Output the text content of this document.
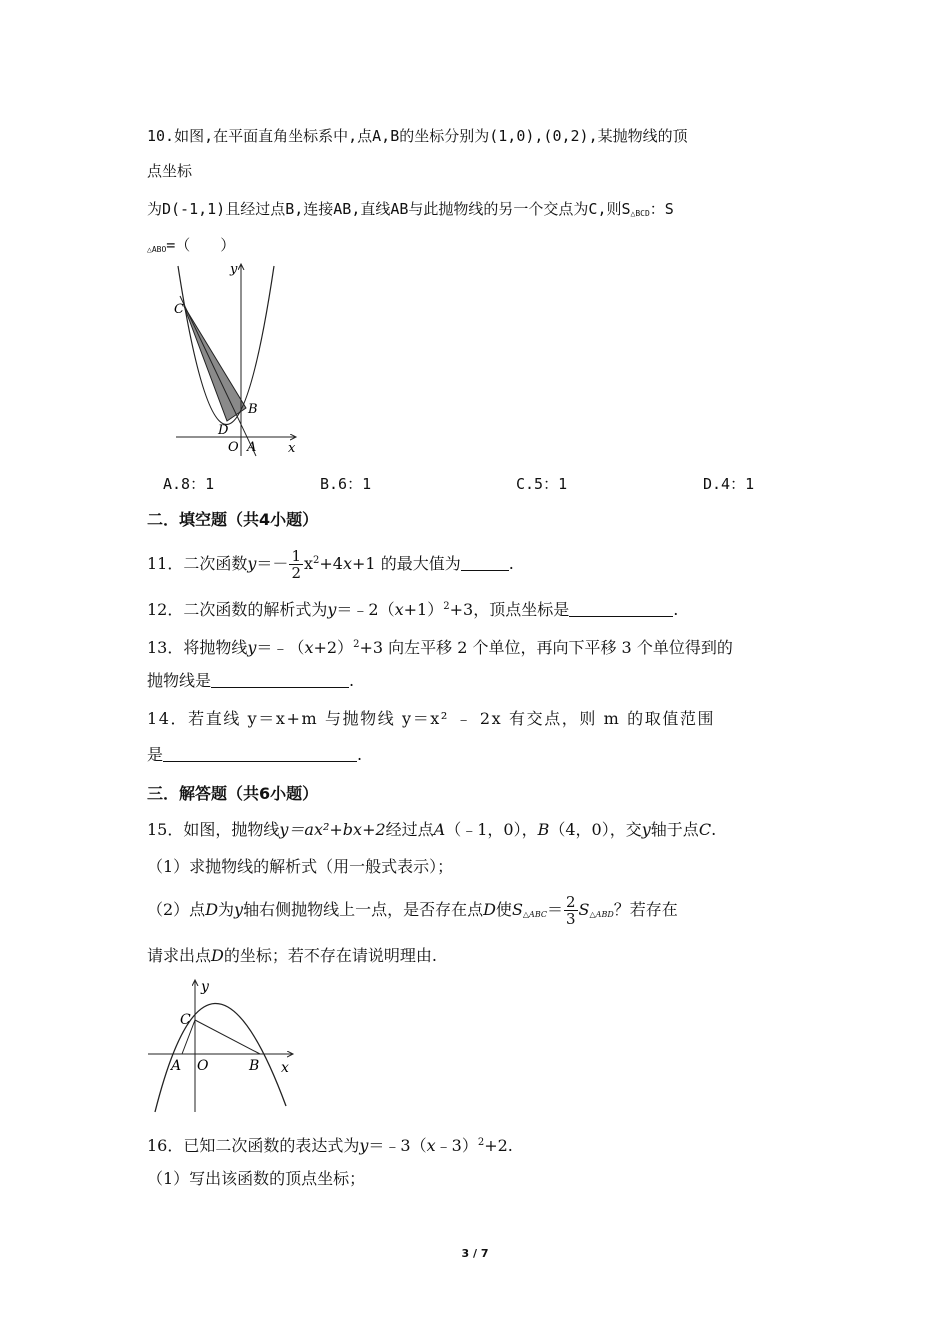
10.如图,在平面直角坐标系中,点A,B的坐标分别为(1,0),(0,2),某抛物线的顶
点坐标
为D(-1,1)且经过点B,连接AB,直线AB与此抛物线的另一个交点为C,则$S_{\triangle BCD}$：S
$_{\triangle ABO}$=（　　）
y
x
C
B
D
O A
A.8：1	B.6：1	C.5：1	D.4：1
二．填空题（共4小题）
11．二次函数$y=- \frac{1}{2} x^2+4x+1$ 的最大值为	.
12．二次函数的解析式为$y=﹣2(x+1)^2+3$，顶点坐标是	.
13．将抛物线$y=﹣(x+2)^2+3$ 向左平移 2 个单位，再向下平移 3 个单位得到的
抛物线是	.
14．若直线 y＝x+m 与抛物线 y＝x² ﹣ 2x 有交点，则 m 的取值范围
是	.
三．解答题（共6小题）
15．如图，抛物线y＝ax²+bx+2经过点A（﹣1，0），B（4，0），交y轴于点C.
（1）求抛物线的解析式（用一般式表示）；
（2）点D为y轴右侧抛物线上一点，是否存在点D使$S_{\triangle ABC}= \frac{2}{3} S_{\triangle ABD}$？若存在
请求出点D的坐标；若不存在请说明理由.
y
x
C
A O	B
16．已知二次函数的表达式为y＝﹣3（x﹣3）$^2$+2.
（1）写出该函数的顶点坐标；
3 / 7
